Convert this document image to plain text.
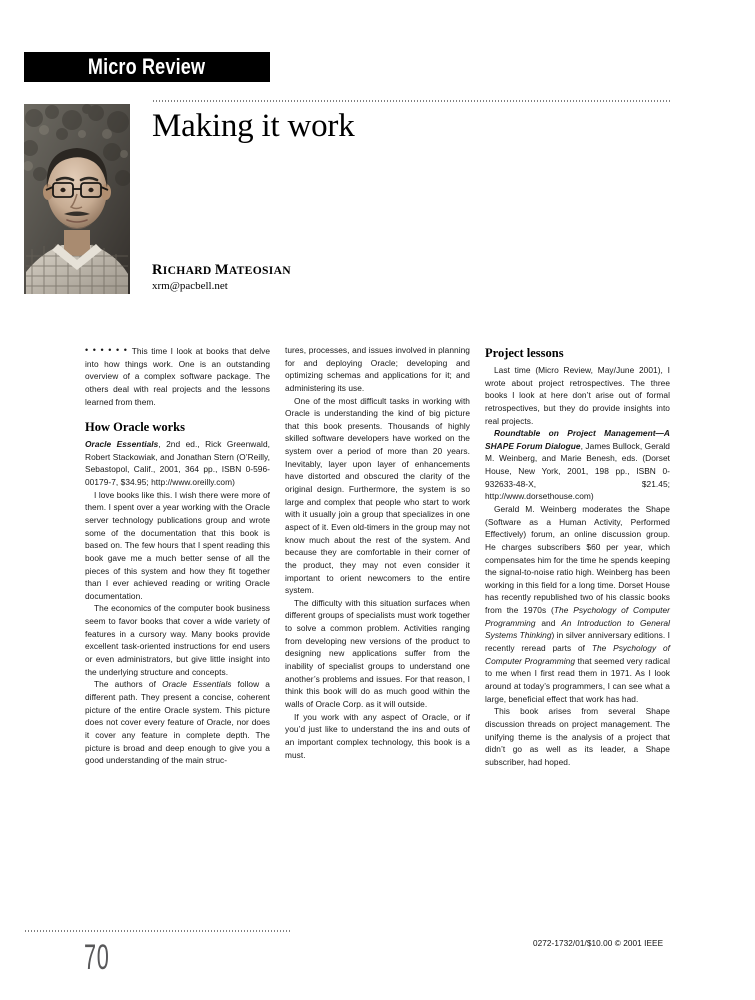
Micro Review
Making it work
RICHARD MATEOSIAN
xrm@pacbell.net

• • • • • • This time I look at books that delve into how things work. One is an outstanding overview of a complex software package. The others deal with real projects and the lessons learned from them.

How Oracle works

Oracle Essentials, 2nd ed., Rick Greenwald, Robert Stackowiak, and Jonathan Stern (O’Reilly, Sebastopol, Calif., 2001, 364 pp., ISBN 0-596-00179-7, $34.95; http://www.oreilly.com)

I love books like this. I wish there were more of them. I spent over a year working with the Oracle server technology publications group and wrote some of the documentation that this book is based on. The few hours that I spent reading this book gave me a much better sense of all the pieces of this system and how they fit together than I ever achieved reading or writing Oracle documentation.

The economics of the computer book business seem to favor books that cover a wide variety of features in a cursory way. Many books provide excellent task-oriented instructions for end users or even administrators, but give little insight into the underlying structure and concepts.

The authors of Oracle Essentials follow a different path. They present a concise, coherent picture of the entire Oracle system. This picture does not cover every feature of Oracle, nor does it cover any feature in complete depth. The picture is broad and deep enough to give you a good understanding of the main struc-

tures, processes, and issues involved in planning for and deploying Oracle; developing and optimizing schemas and applications for it; and administering its use.

One of the most difficult tasks in working with Oracle is understanding the kind of big picture that this book presents. Thousands of highly skilled software developers have worked on the system over a period of more than 20 years. Inevitably, layer upon layer of enhancements have distorted and obscured the clarity of the original design. Furthermore, the system is so large and complex that people who start to work with it usually join a group that specializes in one aspect of it. Even old-timers in the group may not know much about the rest of the system. And because they are comfortable in their corner of the product, they may not even consider it important to orient newcomers to the entire system.

The difficulty with this situation surfaces when different groups of specialists must work together to solve a common problem. Activities ranging from developing new versions of the product to designing new applications suffer from the inability of specialist groups to understand one another’s problems and issues. For that reason, I think this book will do as much good within the walls of Oracle Corp. as it will outside.

If you work with any aspect of Oracle, or if you’d just like to understand the ins and outs of an important complex technology, this book is a must.

Project lessons

Last time (Micro Review, May/June 2001), I wrote about project retrospectives. The three books I look at here don’t arise out of formal retrospectives, but they do provide insights into real projects.

Roundtable on Project Management—A SHAPE Forum Dialogue, James Bullock, Gerald M. Weinberg, and Marie Benesh, eds. (Dorset House, New York, 2001, 198 pp., ISBN 0-932633-48-X, $21.45; http://www.dorsethouse.com)

Gerald M. Weinberg moderates the Shape (Software as a Human Activity, Performed Effectively) forum, an online discussion group. He charges subscribers $60 per year, which compensates him for the time he spends keeping the signal-to-noise ratio high. Weinberg has been working in this field for a long time. Dorset House has recently republished two of his classic books from the 1970s (The Psychology of Computer Programming and An Introduction to General Systems Thinking) in silver anniversary editions. I recently reread parts of The Psychology of Computer Programming that seemed very radical to me when I first read them in 1971. As I look around at today’s programmers, I can see what a large, beneficial effect that work has had.

This book arises from several Shape discussion threads on project management. The unifying theme is the analysis of a project that didn’t go as well as its leader, a Shape subscriber, had hoped.

70	0272-1732/01/$10.00 © 2001 IEEE
